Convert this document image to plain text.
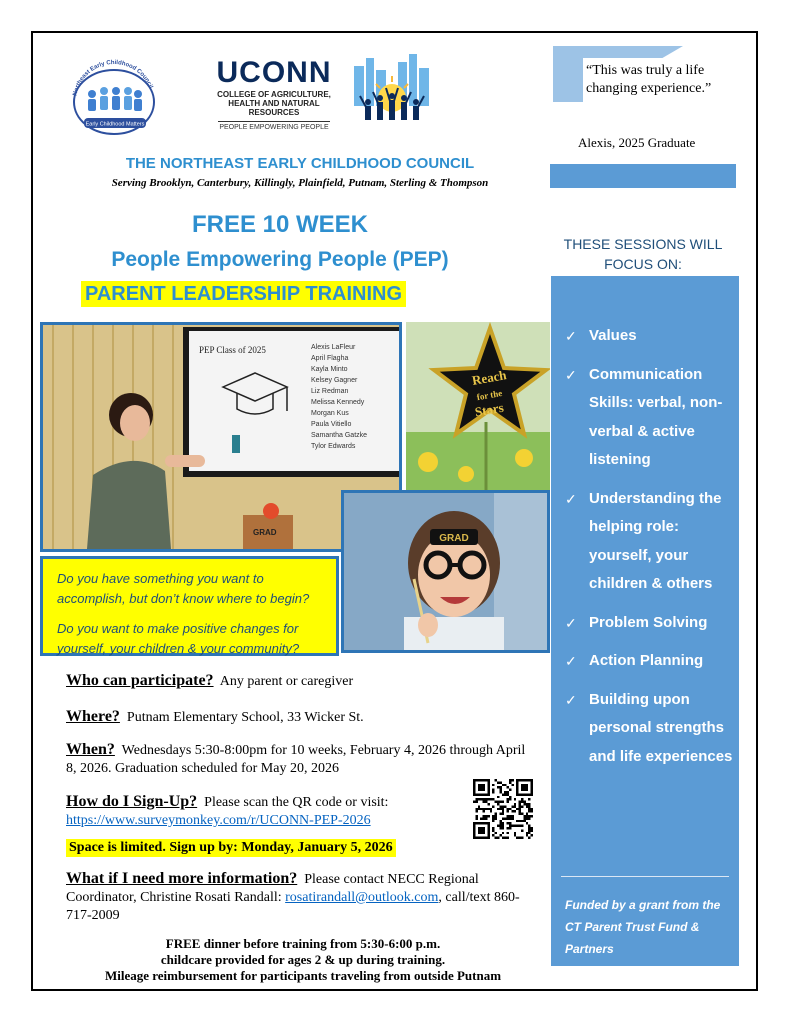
Northeast Early Childhood Council
Early Childhood Matters
UCONN
COLLEGE OF AGRICULTURE, HEALTH AND NATURAL RESOURCES
PEOPLE EMPOWERING PEOPLE
“This was truly a life changing experience.”
Alexis, 2025 Graduate
THE NORTHEAST EARLY CHILDHOOD COUNCIL
Serving Brooklyn, Canterbury, Killingly, Plainfield, Putnam, Sterling & Thompson
FREE 10 WEEK
People Empowering People (PEP)
PARENT LEADERSHIP TRAINING
THESE SESSIONS WILL FOCUS ON:
✓ Values
✓ Communication Skills: verbal, non-verbal & active listening
✓ Understanding the helping role: yourself, your children & others
✓ Problem Solving
✓ Action Planning
✓ Building upon personal strengths and life experiences
Funded by a grant from the CT Parent Trust Fund & Partners
PEP Class of 2025	Alexis LaFleur
April Flagha
Kayla Minto
Kelsey Gagner
Liz Redman
Melissa Kennedy
Morgan Kus
Paula Vitiello
Samantha Gatzke
Tylor Edwards
GRAD
Reach
for the
Stars
GRAD

Do you have something you want to accomplish, but don’t know where to begin?

Do you want to make positive changes for yourself, your children & your community?

Who can participate? Any parent or caregiver
Where? Putnam Elementary School, 33 Wicker St.
When? Wednesdays 5:30-8:00pm for 10 weeks, February 4, 2026 through April 8, 2026. Graduation scheduled for May 20, 2026
How do I Sign-Up? Please scan the QR code or visit:
https://www.surveymonkey.com/r/UCONN-PEP-2026
Space is limited. Sign up by: Monday, January 5, 2026
What if I need more information? Please contact NECC Regional Coordinator, Christine Rosati Randall: rosatirandall@outlook.com, call/text 860-717-2009
FREE dinner before training from 5:30-6:00 p.m.
childcare provided for ages 2 & up during training.
Mileage reimbursement for participants traveling from outside Putnam
